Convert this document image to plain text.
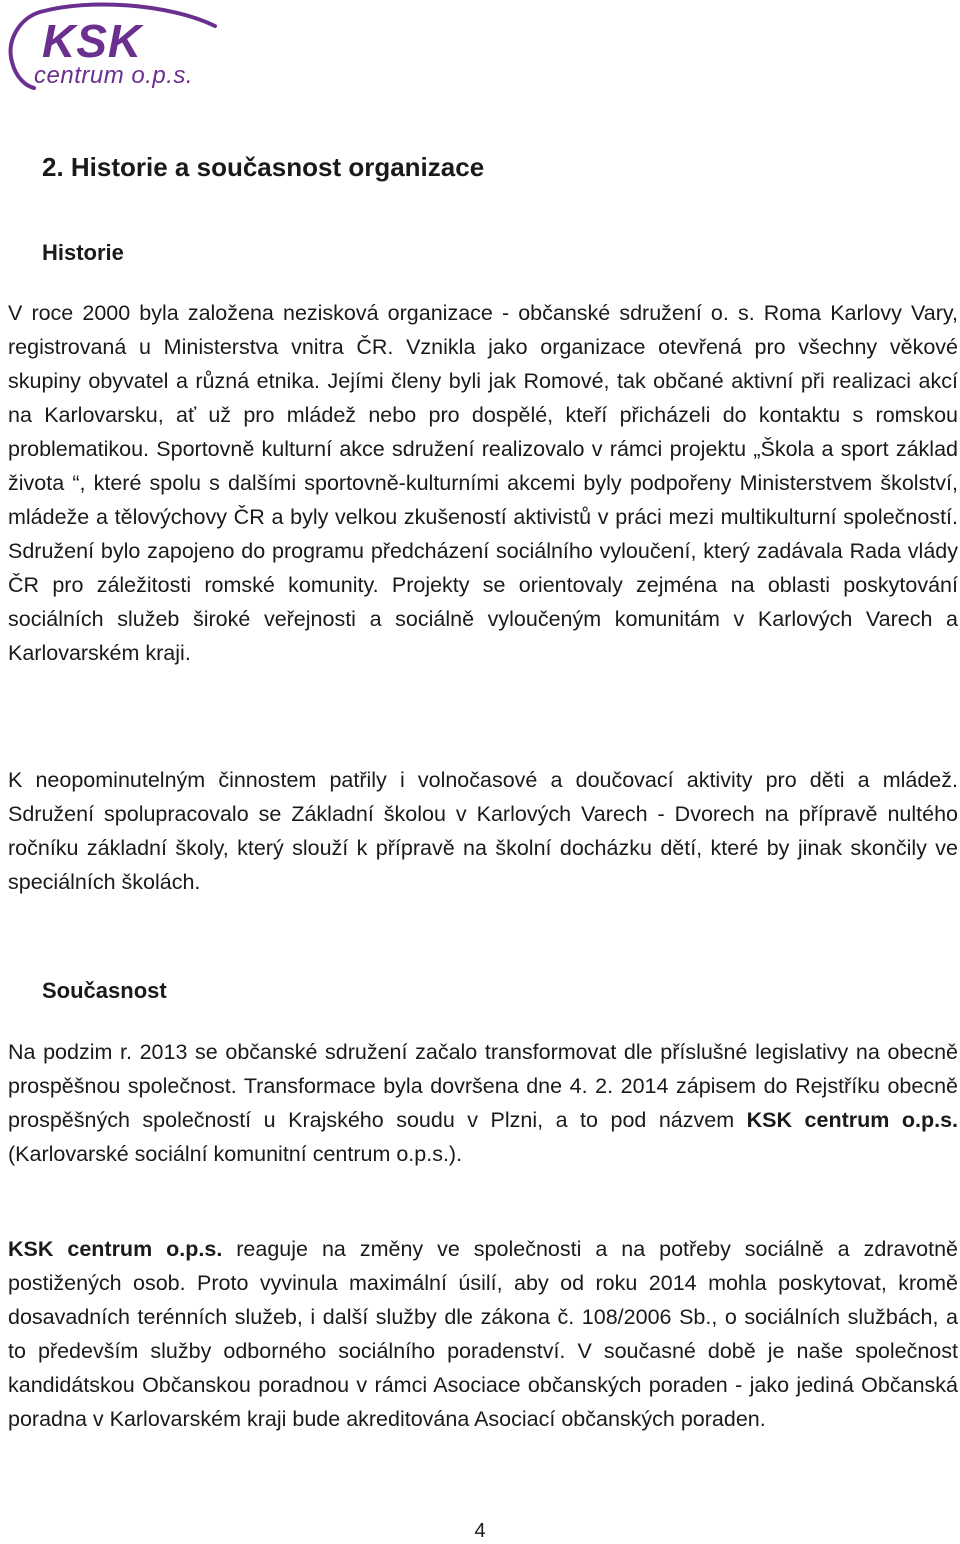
KSK
centrum o.p.s.
2. Historie a současnost organizace
Historie

V roce 2000 byla založena nezisková organizace - občanské sdružení o. s. Roma Karlovy Vary, registrovaná u Ministerstva vnitra ČR. Vznikla jako organizace otevřená pro všechny věkové skupiny obyvatel a různá etnika. Jejími členy byli jak Romové, tak občané aktivní při realizaci akcí na Karlovarsku, ať už pro mládež nebo pro dospělé, kteří přicházeli do kontaktu s romskou problematikou. Sportovně kulturní akce sdružení realizovalo v rámci projektu „Škola a sport základ života “, které spolu s dalšími sportovně-kulturními akcemi byly podpořeny Ministerstvem školství, mládeže a tělovýchovy ČR a byly velkou zkušeností aktivistů v práci mezi multikulturní společností. Sdružení bylo zapojeno do programu předcházení sociálního vyloučení, který zadávala Rada vlády ČR pro záležitosti romské komunity. Projekty se orientovaly zejména na oblasti poskytování sociálních služeb široké veřejnosti a sociálně vyloučeným komunitám v Karlových Varech a Karlovarském kraji.

K neopominutelným činnostem patřily i volnočasové a doučovací aktivity pro děti a mládež. Sdružení spolupracovalo se Základní školou v Karlových Varech - Dvorech na přípravě nultého ročníku základní školy, který slouží k přípravě na školní docházku dětí, které by jinak skončily ve speciálních školách.

Současnost

Na podzim r. 2013 se občanské sdružení začalo transformovat dle příslušné legislativy na obecně prospěšnou společnost. Transformace byla dovršena dne 4. 2. 2014 zápisem do Rejstříku obecně prospěšných společností u Krajského soudu v Plzni, a to pod názvem KSK centrum o.p.s. (Karlovarské sociální komunitní centrum o.p.s.).

KSK centrum o.p.s. reaguje na změny ve společnosti a na potřeby sociálně a zdravotně postižených osob. Proto vyvinula maximální úsilí, aby od roku 2014 mohla poskytovat, kromě dosavadních terénních služeb, i další služby dle zákona č. 108/2006 Sb., o sociálních službách, a to především služby odborného sociálního poradenství. V současné době je naše společnost kandidátskou Občanskou poradnou v rámci Asociace občanských poraden - jako jediná Občanská poradna v Karlovarském kraji bude akreditována Asociací občanských poraden.

4
